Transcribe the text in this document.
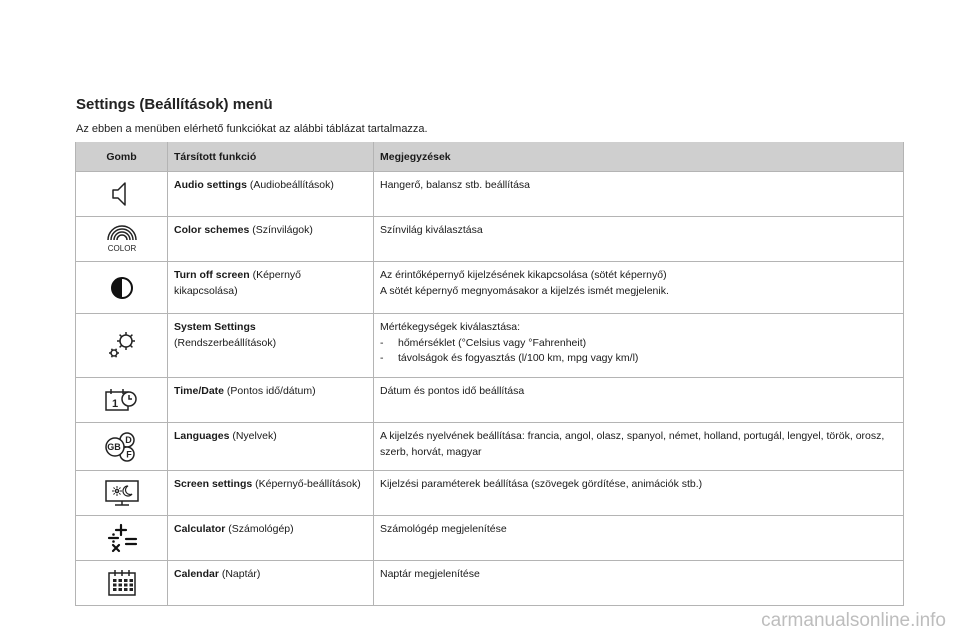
Settings (Beállítások) menü

Az ebben a menüben elérhető funkciókat az alábbi táblázat tartalmazza.

Gomb	Társított funkció	Megjegyzések

	Audio settings (Audiobeállítások)	Hangerő, balansz stb. beállítása

COLOR	Color schemes (Színvilágok)	Színvilág kiválasztása

	Turn off screen (Képernyő kikapcsolása)	Az érintőképernyő kijelzésének kikapcsolása (sötét képernyő)
A sötét képernyő megnyomásakor a kijelzés ismét megjelenik.

System Settings
(Rendszerbeállítások)	Mértékegységek kiválasztása:
- hőmérséklet (°Celsius vagy °Fahrenheit)
- távolságok és fogyasztás (l/100 km, mpg vagy km/l)

1	Time/Date (Pontos idő/dátum)	Dátum és pontos idő beállítása

D
GB
F	Languages (Nyelvek)	A kijelzés nyelvének beállítása: francia, angol, olasz, spanyol, német, holland, portugál, lengyel, török, orosz, szerb, horvát, magyar

	Screen settings (Képernyő-beállítások)	Kijelzési paraméterek beállítása (szövegek gördítése, animációk stb.)

	Calculator (Számológép)	Számológép megjelenítése

	Calendar (Naptár)	Naptár megjelenítése
carmanualsonline.info
